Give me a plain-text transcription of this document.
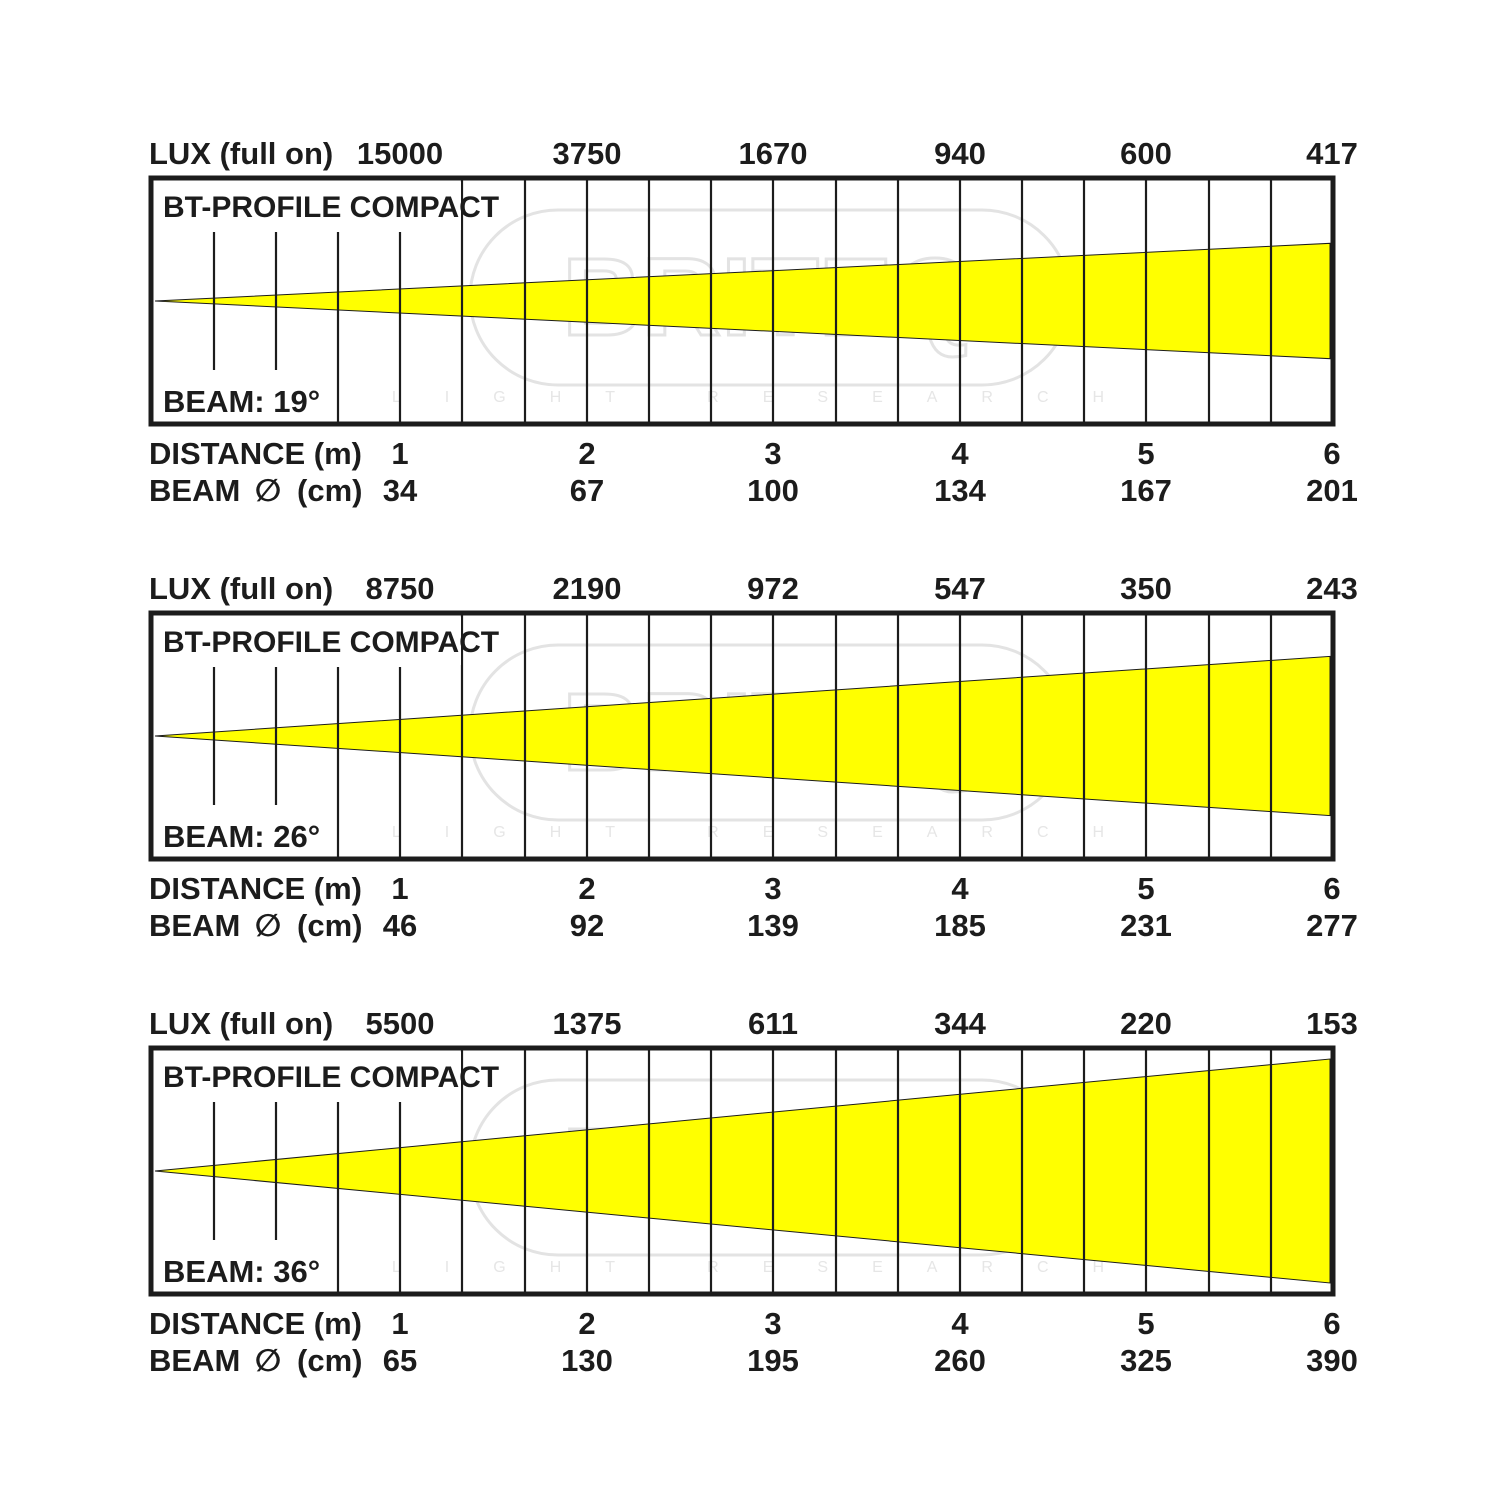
LIGHT RESEARCH
BT-PROFILE COMPACT
BEAM: 19°
LUX (full on) 15000	3750	1670	940	600	417
DISTANCE (m) 1	2	3	4	5	6
BEAM ∅ (cm) 34	67	100	134	167	201
LIGHT RESEARCH
BT-PROFILE COMPACT
BEAM: 26°
LUX (full on) 8750	2190	972	547	350	243
DISTANCE (m) 1	2	3	4	5	6
BEAM ∅ (cm) 46	92	139	185	231	277
LIGHT RESEARCH
BT-PROFILE COMPACT
BEAM: 36°
LUX (full on) 5500	1375	611	344	220	153
DISTANCE (m) 1	2	3	4	5	6
BEAM ∅ (cm) 65	130	195	260	325	390
